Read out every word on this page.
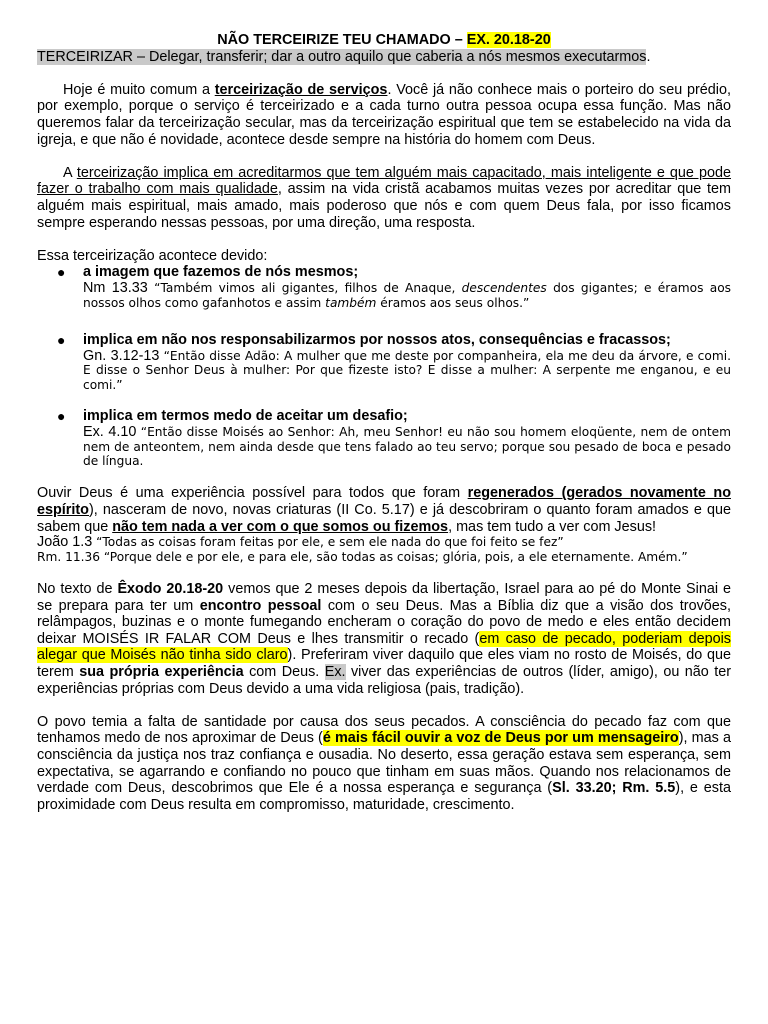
NÃO TERCEIRIZE TEU CHAMADO – EX. 20.18-20

TERCEIRIZAR – Delegar, transferir; dar a outro aquilo que caberia a nós mesmos executarmos.

Hoje é muito comum a terceirização de serviços. Você já não conhece mais o porteiro do seu prédio, por exemplo, porque o serviço é terceirizado e a cada turno outra pessoa ocupa essa função. Mas não queremos falar da terceirização secular, mas da terceirização espiritual que tem se estabelecido na vida da igreja, e que não é novidade, acontece desde sempre na história do homem com Deus.

A terceirização implica em acreditarmos que tem alguém mais capacitado, mais inteligente e que pode fazer o trabalho com mais qualidade, assim na vida cristã acabamos muitas vezes por acreditar que tem alguém mais espiritual, mais amado, mais poderoso que nós e com quem Deus fala, por isso ficamos sempre esperando nessas pessoas, por uma direção, uma resposta.

Essa terceirização acontece devido:

● a imagem que fazemos de nós mesmos;
Nm 13.33 “Também vimos ali gigantes, filhos de Anaque, descendentes dos gigantes; e éramos aos nossos olhos como gafanhotos e assim também éramos aos seus olhos.”
● implica em não nos responsabilizarmos por nossos atos, consequências e fracassos;
Gn. 3.12-13 “Então disse Adão: A mulher que me deste por companheira, ela me deu da árvore, e comi.
E disse o Senhor Deus à mulher: Por que fizeste isto? E disse a mulher: A serpente me enganou, e eu comi.”
● implica em termos medo de aceitar um desafio;
Ex. 4.10 “Então disse Moisés ao Senhor: Ah, meu Senhor! eu não sou homem eloqüente, nem de ontem nem de anteontem, nem ainda desde que tens falado ao teu servo; porque sou pesado de boca e pesado de língua.

Ouvir Deus é uma experiência possível para todos que foram regenerados (gerados novamente no espírito), nasceram de novo, novas criaturas (II Co. 5.17) e já descobriram o quanto foram amados e que sabem que não tem nada a ver com o que somos ou fizemos, mas tem tudo a ver com Jesus!

João 1.3 “Todas as coisas foram feitas por ele, e sem ele nada do que foi feito se fez”
Rm. 11.36 “Porque dele e por ele, e para ele, são todas as coisas; glória, pois, a ele eternamente. Amém.”

No texto de Êxodo 20.18-20 vemos que 2 meses depois da libertação, Israel para ao pé do Monte Sinai e se prepara para ter um encontro pessoal com o seu Deus. Mas a Bíblia diz que a visão dos trovões, relâmpagos, buzinas e o monte fumegando encheram o coração do povo de medo e eles então decidem deixar MOISÉS IR FALAR COM Deus e lhes transmitir o recado (em caso de pecado, poderiam depois alegar que Moisés não tinha sido claro). Preferiram viver daquilo que eles viam no rosto de Moisés, do que terem sua própria experiência com Deus. Ex. viver das experiências de outros (líder, amigo), ou não ter experiências próprias com Deus devido a uma vida religiosa (pais, tradição).

O povo temia a falta de santidade por causa dos seus pecados. A consciência do pecado faz com que tenhamos medo de nos aproximar de Deus (é mais fácil ouvir a voz de Deus por um mensageiro), mas a consciência da justiça nos traz confiança e ousadia. No deserto, essa geração estava sem esperança, sem expectativa, se agarrando e confiando no pouco que tinham em suas mãos. Quando nos relacionamos de verdade com Deus, descobrimos que Ele é a nossa esperança e segurança (Sl. 33.20; Rm. 5.5), e esta proximidade com Deus resulta em compromisso, maturidade, crescimento.
